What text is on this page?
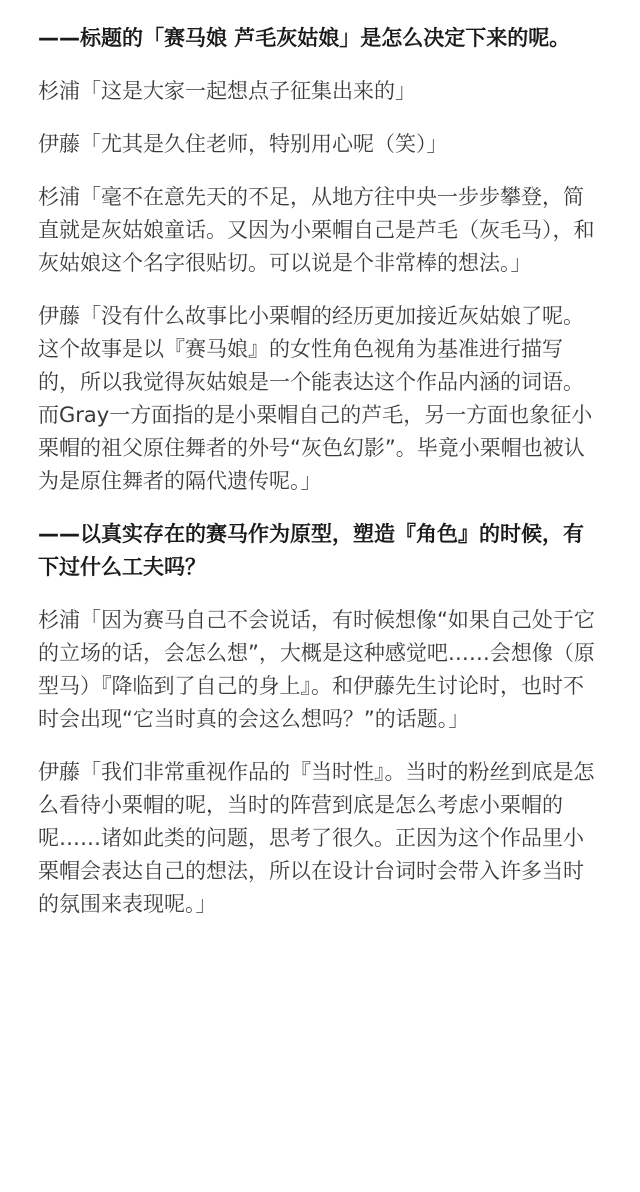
——标题的「赛马娘 芦毛灰姑娘」是怎么决定下来的呢。

杉浦「这是大家一起想点子征集出来的」

伊藤「尤其是久住老师，特别用心呢（笑）」

杉浦「毫不在意先天的不足，从地方往中央一步步攀登，简直就是灰姑娘童话。又因为小栗帽自己是芦毛（灰毛马），和灰姑娘这个名字很贴切。可以说是个非常棒的想法。」

伊藤「没有什么故事比小栗帽的经历更加接近灰姑娘了呢。这个故事是以『赛马娘』的女性角色视角为基准进行描写的，所以我觉得灰姑娘是一个能表达这个作品内涵的词语。而Gray一方面指的是小栗帽自己的芦毛，另一方面也象征小栗帽的祖父原住舞者的外号“灰色幻影”。毕竟小栗帽也被认为是原住舞者的隔代遗传呢。」

——以真实存在的赛马作为原型，塑造『角色』的时候，有下过什么工夫吗？

杉浦「因为赛马自己不会说话，有时候想像“如果自己处于它的立场的话，会怎么想”，大概是这种感觉吧……会想像（原型马）『降临到了自己的身上』。和伊藤先生讨论时，也时不时会出现“它当时真的会这么想吗？”的话题。」

伊藤「我们非常重视作品的『当时性』。当时的粉丝到底是怎么看待小栗帽的呢，当时的阵营到底是怎么考虑小栗帽的呢……诸如此类的问题，思考了很久。正因为这个作品里小栗帽会表达自己的想法，所以在设计台词时会带入许多当时的氛围来表现呢。」
